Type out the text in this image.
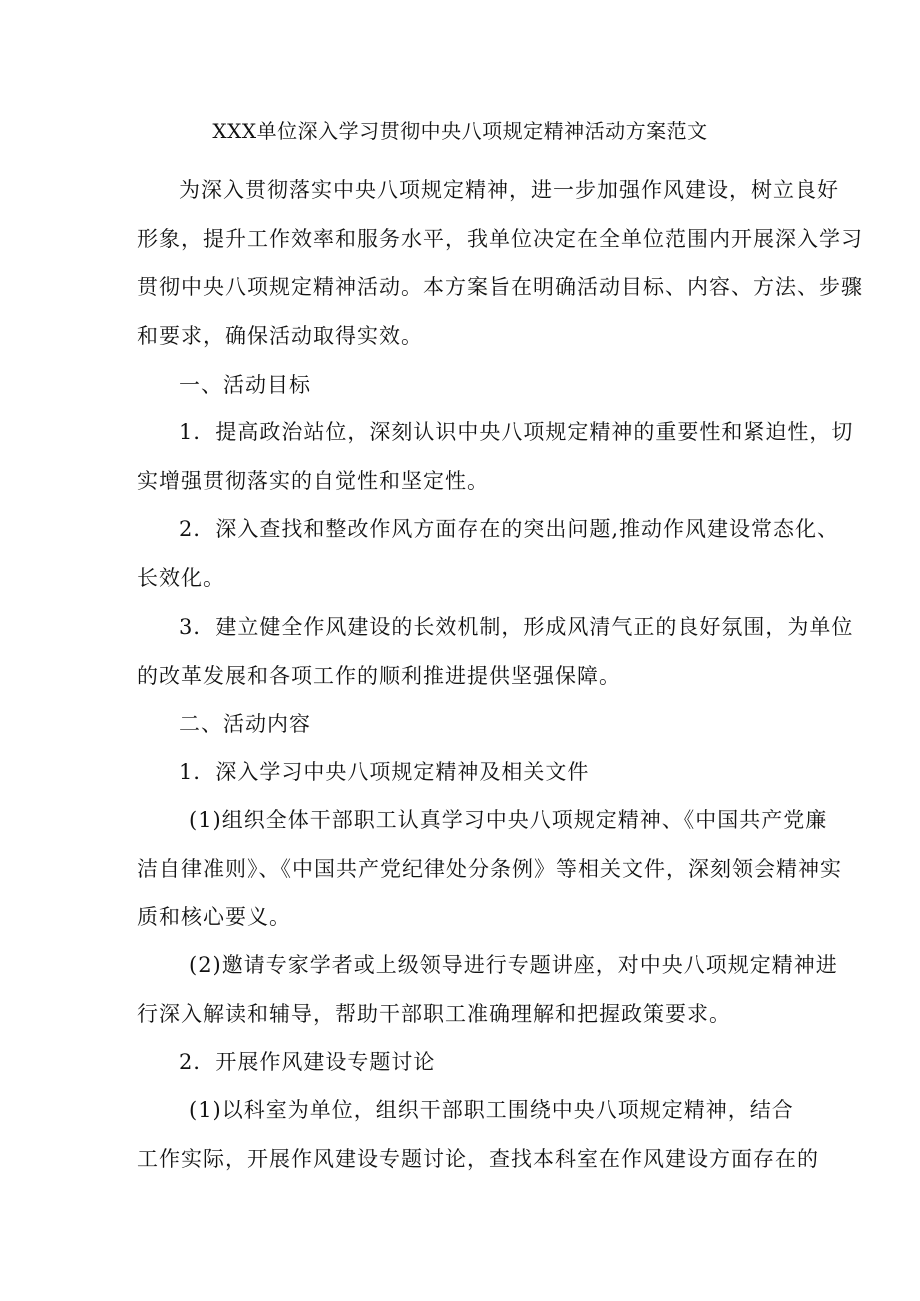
XXX单位深入学习贯彻中央八项规定精神活动方案范文
为深入贯彻落实中央八项规定精神，进一步加强作风建设，树立良好
形象，提升工作效率和服务水平，我单位决定在全单位范围内开展深入学习
贯彻中央八项规定精神活动。本方案旨在明确活动目标、内容、方法、步骤
和要求，确保活动取得实效。
一、活动目标
1．提高政治站位，深刻认识中央八项规定精神的重要性和紧迫性，切
实增强贯彻落实的自觉性和坚定性。
2．深入查找和整改作风方面存在的突出问题,推动作风建设常态化、
长效化。
3．建立健全作风建设的长效机制，形成风清气正的良好氛围，为单位
的改革发展和各项工作的顺利推进提供坚强保障。
二、活动内容
1．深入学习中央八项规定精神及相关文件
(1)组织全体干部职工认真学习中央八项规定精神、《中国共产党廉
洁自律准则》、《中国共产党纪律处分条例》等相关文件，深刻领会精神实
质和核心要义。
(2)邀请专家学者或上级领导进行专题讲座，对中央八项规定精神进
行深入解读和辅导，帮助干部职工准确理解和把握政策要求。
2．开展作风建设专题讨论
(1)以科室为单位，组织干部职工围绕中央八项规定精神，结合
工作实际，开展作风建设专题讨论，查找本科室在作风建设方面存在的
